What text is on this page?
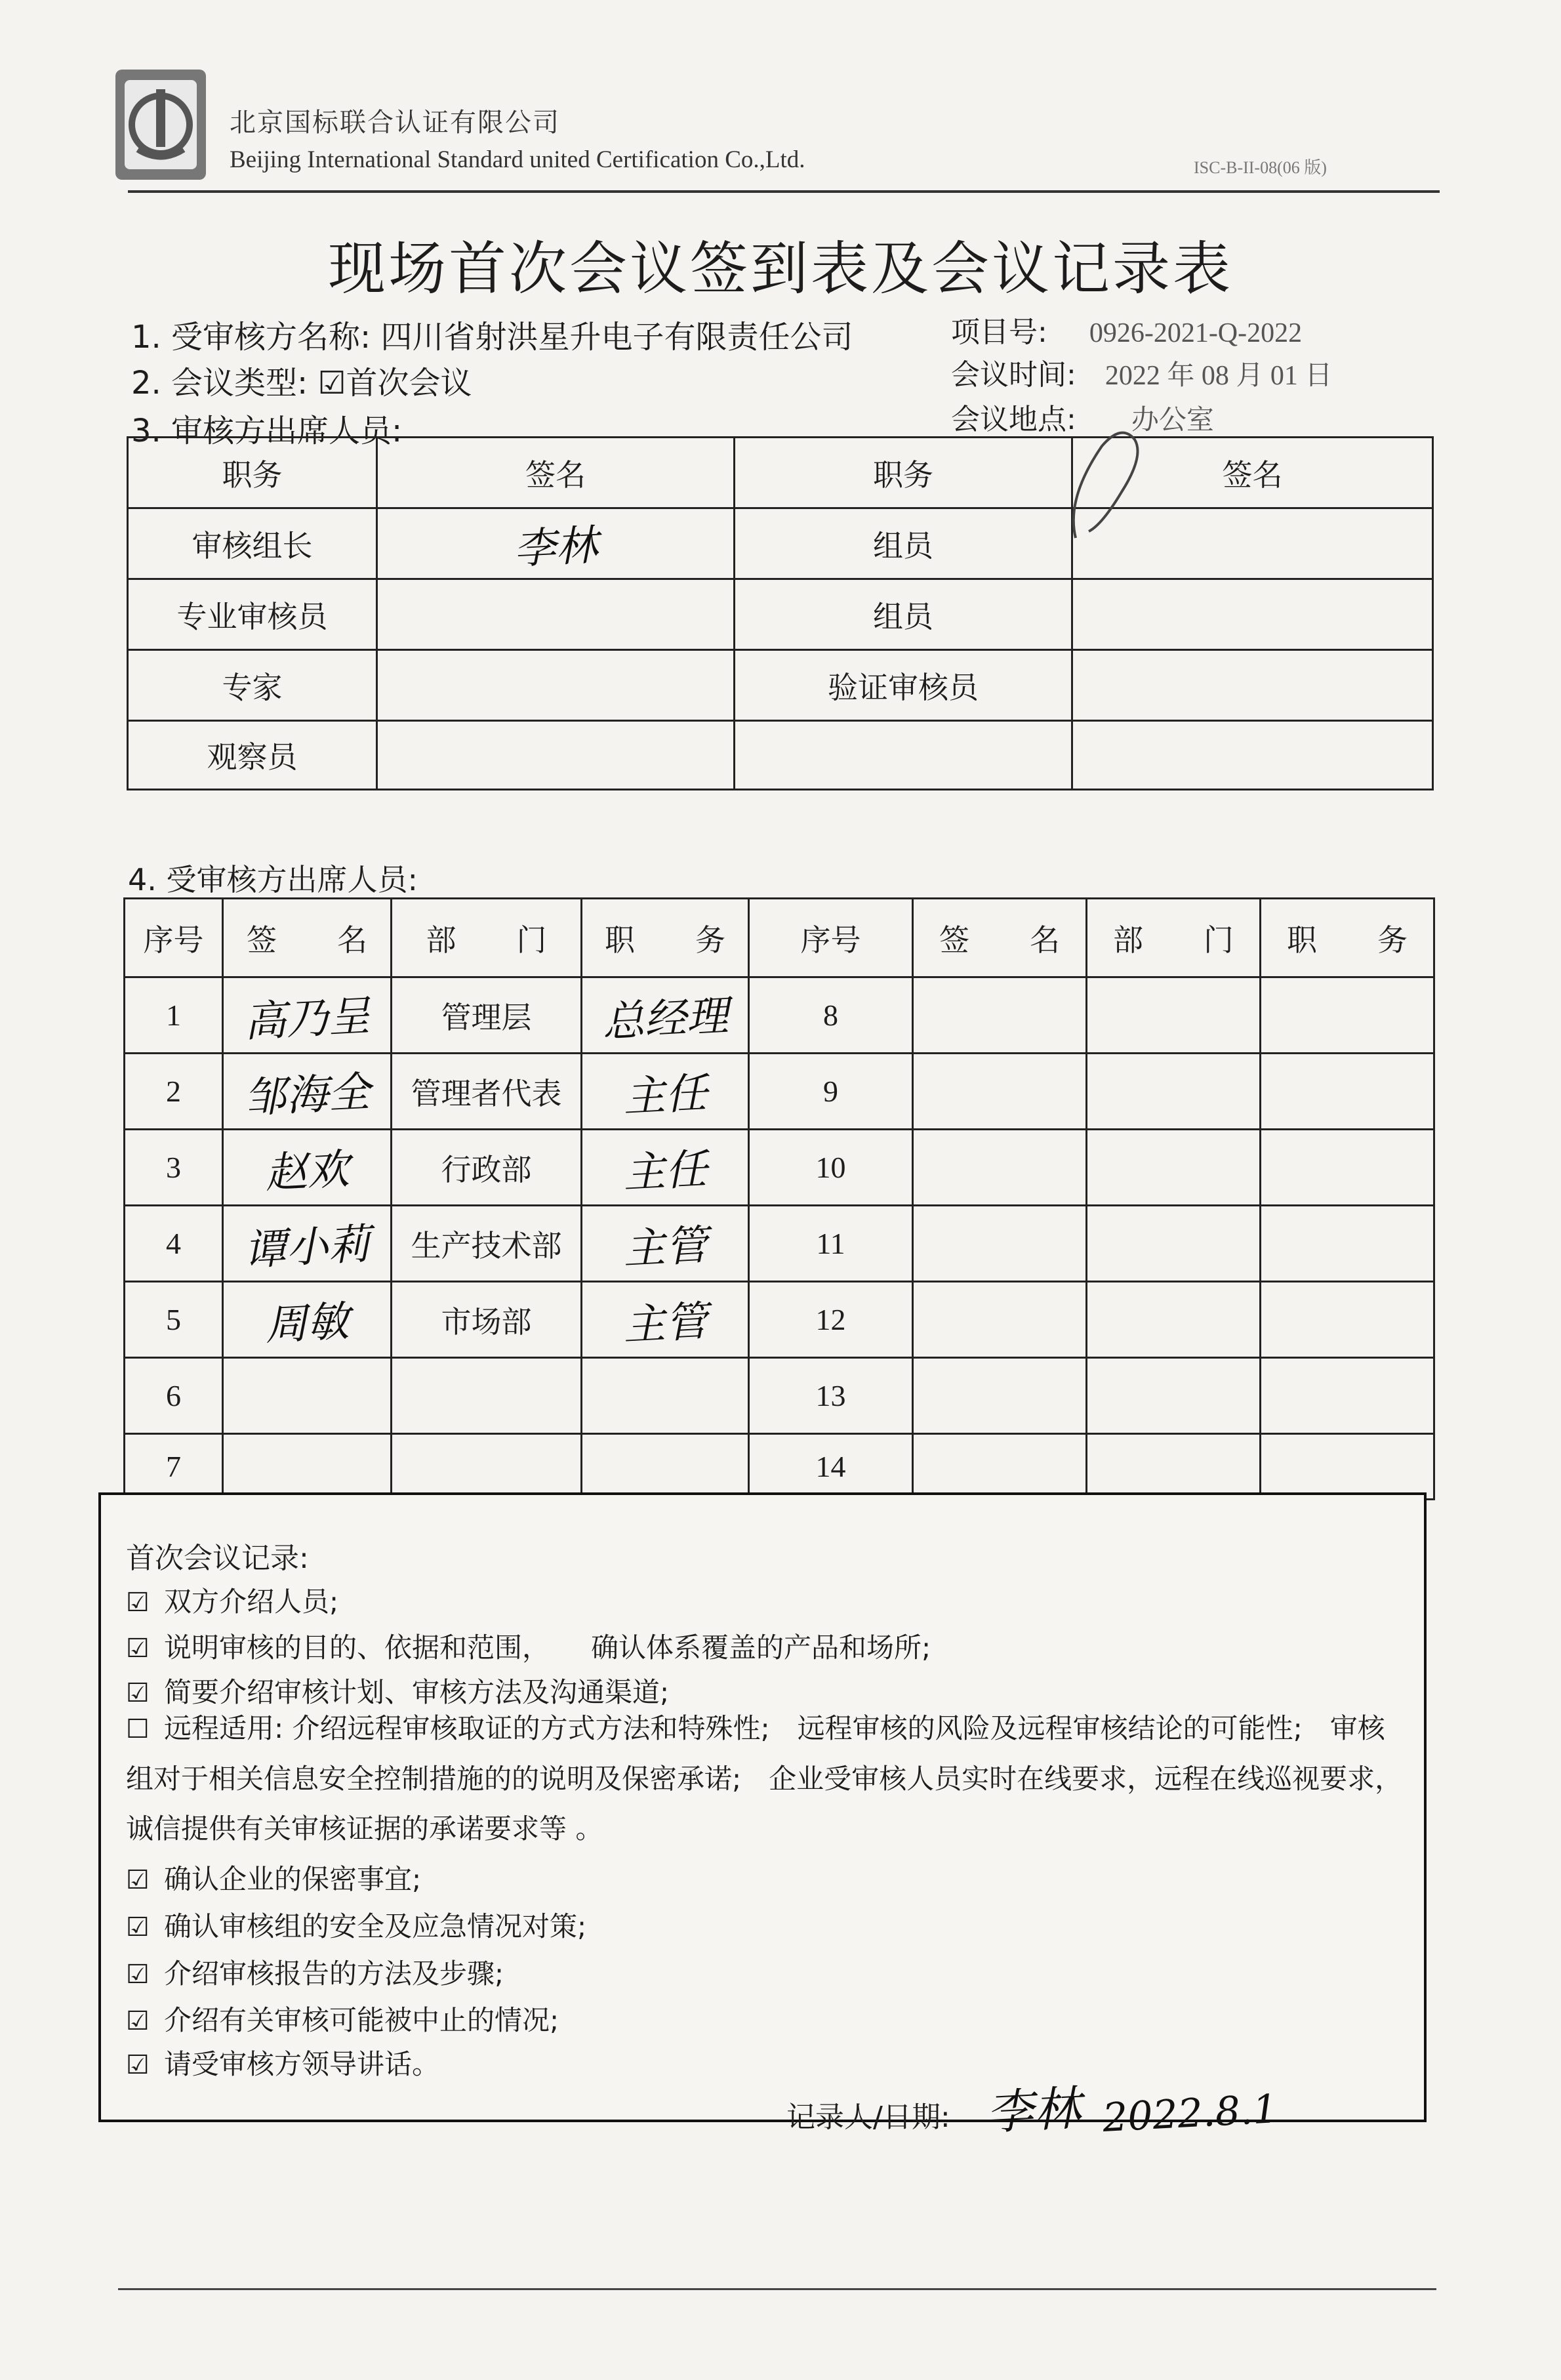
北京国标联合认证有限公司
Beijing International Standard united Certification Co.,Ltd.	ISC-B-II-08(06 版)
现场首次会议签到表及会议记录表
1. 受审核方名称: 四川省射洪星升电子有限责任公司
2. 会议类型: ☑首次会议
3. 审核方出席人员:
项目号: 0926-2021-Q-2022
会议时间: 2022 年 08 月 01 日
会议地点: 办公室
职务	签名	职务	签名
审核组长	李林	组员	
专业审核员		组员	
专家		验证审核员	
观察员			
4. 受审核方出席人员:
序号	签　　名	部　　门	职　　务	序号	签　　名	部　　门	职　　务
1	高乃呈	管理层	总经理	8			
2	邹海全	管理者代表	主任	9			
3	赵欢	行政部	主任	10			
4	谭小莉	生产技术部	主管	11			
5	周敏	市场部	主管	12			
6				13			
7				14			
首次会议记录:
☑ 双方介绍人员;
☑ 说明审核的目的、依据和范围，　　确认体系覆盖的产品和场所;
☑ 简要介绍审核计划、审核方法及沟通渠道;
☐ 远程适用: 介绍远程审核取证的方式方法和特殊性;　远程审核的风险及远程审核结论的可能性;　审核组对于相关信息安全控制措施的的说明及保密承诺;　企业受审核人员实时在线要求，远程在线巡视要求，诚信提供有关审核证据的承诺要求等 。
☑ 确认企业的保密事宜;
☑ 确认审核组的安全及应急情况对策;
☑ 介绍审核报告的方法及步骤;
☑ 介绍有关审核可能被中止的情况;
☑ 请受审核方领导讲话。
记录人/日期: 李林 2022.8.1
